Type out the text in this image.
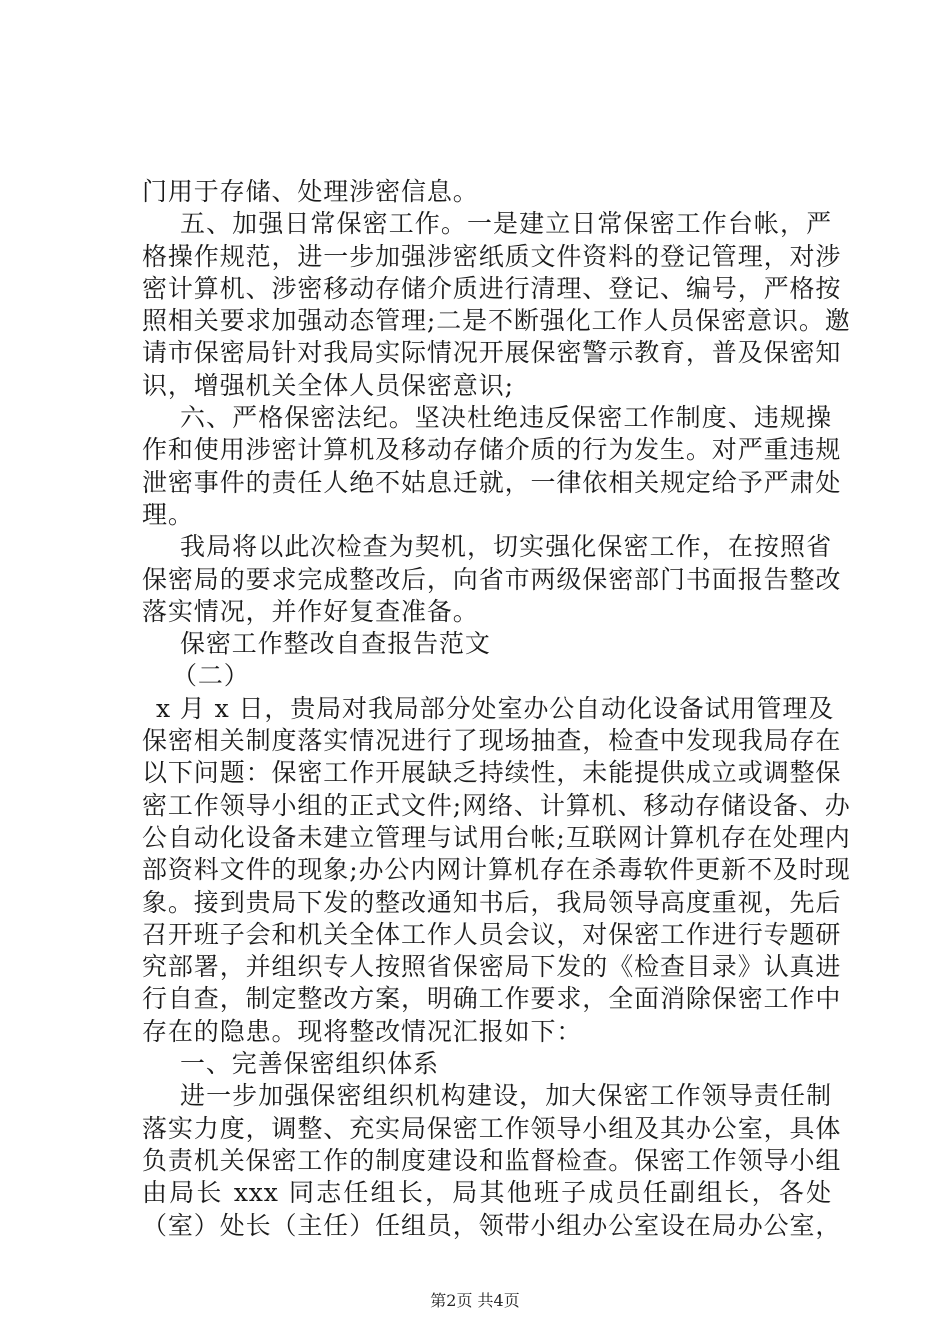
门用于存储、处理涉密信息。
五、加强日常保密工作。一是建立日常保密工作台帐，严
格操作规范，进一步加强涉密纸质文件资料的登记管理，对涉
密计算机、涉密移动存储介质进行清理、登记、编号，严格按
照相关要求加强动态管理;二是不断强化工作人员保密意识。邀
请市保密局针对我局实际情况开展保密警示教育，普及保密知
识，增强机关全体人员保密意识;
六、严格保密法纪。坚决杜绝违反保密工作制度、违规操
作和使用涉密计算机及移动存储介质的行为发生。对严重违规
泄密事件的责任人绝不姑息迁就，一律依相关规定给予严肃处
理。
我局将以此次检查为契机，切实强化保密工作，在按照省
保密局的要求完成整改后，向省市两级保密部门书面报告整改
落实情况，并作好复查准备。
保密工作整改自查报告范文
（二）
x 月 x 日，贵局对我局部分处室办公自动化设备试用管理及
保密相关制度落实情况进行了现场抽查，检查中发现我局存在
以下问题：保密工作开展缺乏持续性，未能提供成立或调整保
密工作领导小组的正式文件;网络、计算机、移动存储设备、办
公自动化设备未建立管理与试用台帐;互联网计算机存在处理内
部资料文件的现象;办公内网计算机存在杀毒软件更新不及时现
象。接到贵局下发的整改通知书后，我局领导高度重视，先后
召开班子会和机关全体工作人员会议，对保密工作进行专题研
究部署，并组织专人按照省保密局下发的《检查目录》认真进
行自查，制定整改方案，明确工作要求，全面消除保密工作中
存在的隐患。现将整改情况汇报如下：
一、完善保密组织体系
进一步加强保密组织机构建设，加大保密工作领导责任制
落实力度，调整、充实局保密工作领导小组及其办公室，具体
负责机关保密工作的制度建设和监督检查。保密工作领导小组
由局长 xxx 同志任组长，局其他班子成员任副组长，各处
（室）处长（主任）任组员，领带小组办公室设在局办公室，
第2页 共4页
